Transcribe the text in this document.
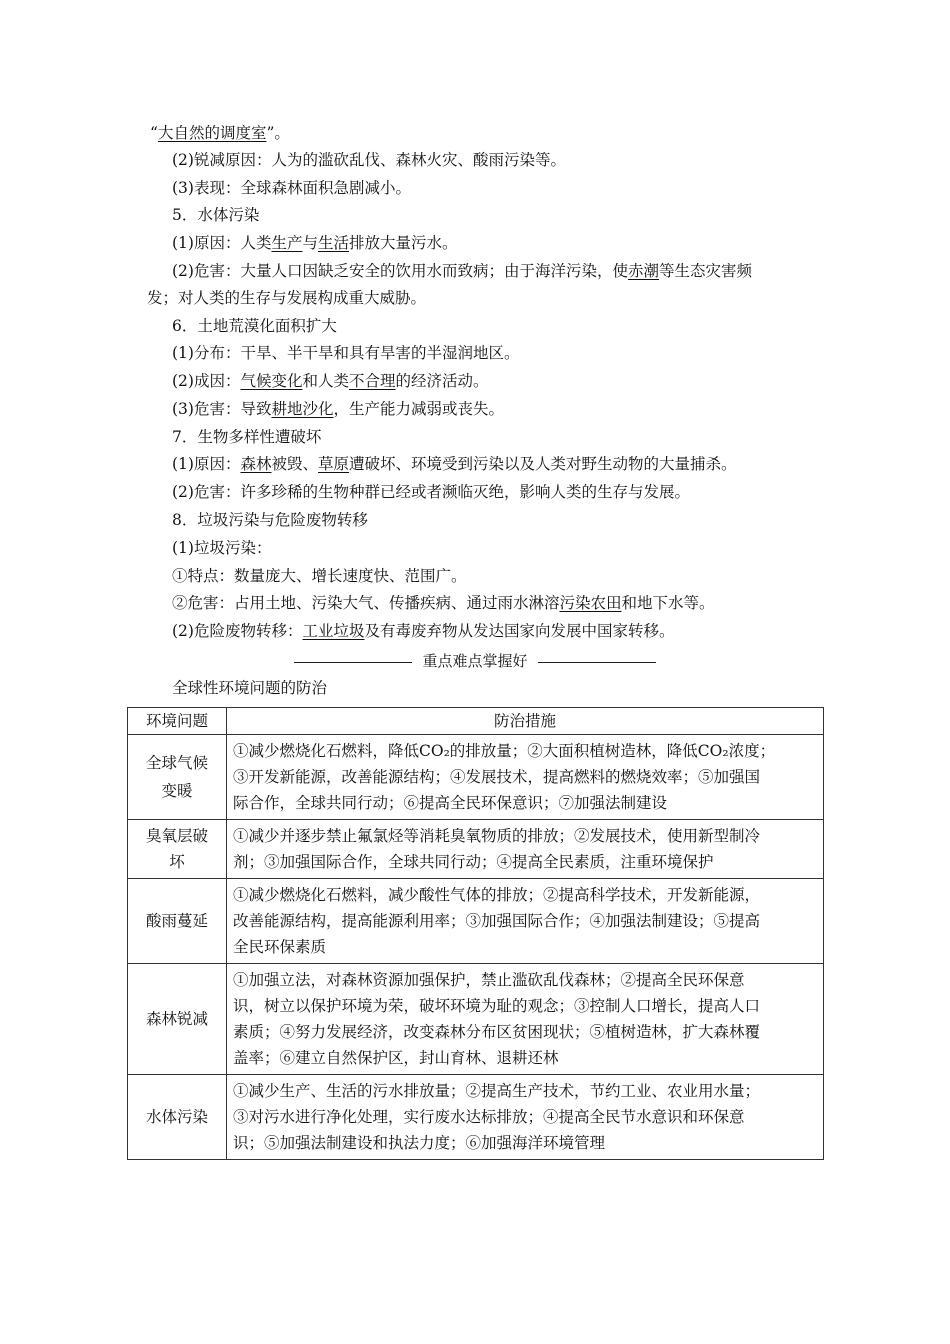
“大自然的调度室”。
(2)锐减原因：人为的滥砍乱伐、森林火灾、酸雨污染等。
(3)表现：全球森林面积急剧减小。
5．水体污染
(1)原因：人类生产与生活排放大量污水。
(2)危害：大量人口因缺乏安全的饮用水而致病；由于海洋污染，使赤潮等生态灾害频
发；对人类的生存与发展构成重大威胁。
6．土地荒漠化面积扩大
(1)分布：干旱、半干旱和具有旱害的半湿润地区。
(2)成因：气候变化和人类不合理的经济活动。
(3)危害：导致耕地沙化，生产能力减弱或丧失。
7．生物多样性遭破坏
(1)原因：森林被毁、草原遭破坏、环境受到污染以及人类对野生动物的大量捕杀。
(2)危害：许多珍稀的生物种群已经或者濒临灭绝，影响人类的生存与发展。
8．垃圾污染与危险废物转移
(1)垃圾污染：
①特点：数量庞大、增长速度快、范围广。
②危害：占用土地、污染大气、传播疾病、通过雨水淋溶污染农田和地下水等。
(2)危险废物转移：工业垃圾及有毒废弃物从发达国家向发展中国家转移。
重点难点掌握好
全球性环境问题的防治
环境问题	防治措施
全球气候变暖	①减少燃烧化石燃料，降低CO₂的排放量；②大面积植树造林，降低CO₂浓度；
③开发新能源，改善能源结构；④发展技术，提高燃料的燃烧效率；⑤加强国
际合作，全球共同行动；⑥提高全民环保意识；⑦加强法制建设

臭氧层破坏	①减少并逐步禁止氟氯烃等消耗臭氧物质的排放；②发展技术，使用新型制冷
剂；③加强国际合作，全球共同行动；④提高全民素质，注重环境保护

酸雨蔓延	①减少燃烧化石燃料，减少酸性气体的排放；②提高科学技术，开发新能源，
改善能源结构，提高能源利用率；③加强国际合作；④加强法制建设；⑤提高
全民环保素质

森林锐减	①加强立法，对森林资源加强保护，禁止滥砍乱伐森林；②提高全民环保意
识，树立以保护环境为荣，破坏环境为耻的观念；③控制人口增长，提高人口
素质；④努力发展经济，改变森林分布区贫困现状；⑤植树造林，扩大森林覆
盖率；⑥建立自然保护区，封山育林、退耕还林

水体污染	①减少生产、生活的污水排放量；②提高生产技术，节约工业、农业用水量；
③对污水进行净化处理，实行废水达标排放；④提高全民节水意识和环保意
识；⑤加强法制建设和执法力度；⑥加强海洋环境管理
